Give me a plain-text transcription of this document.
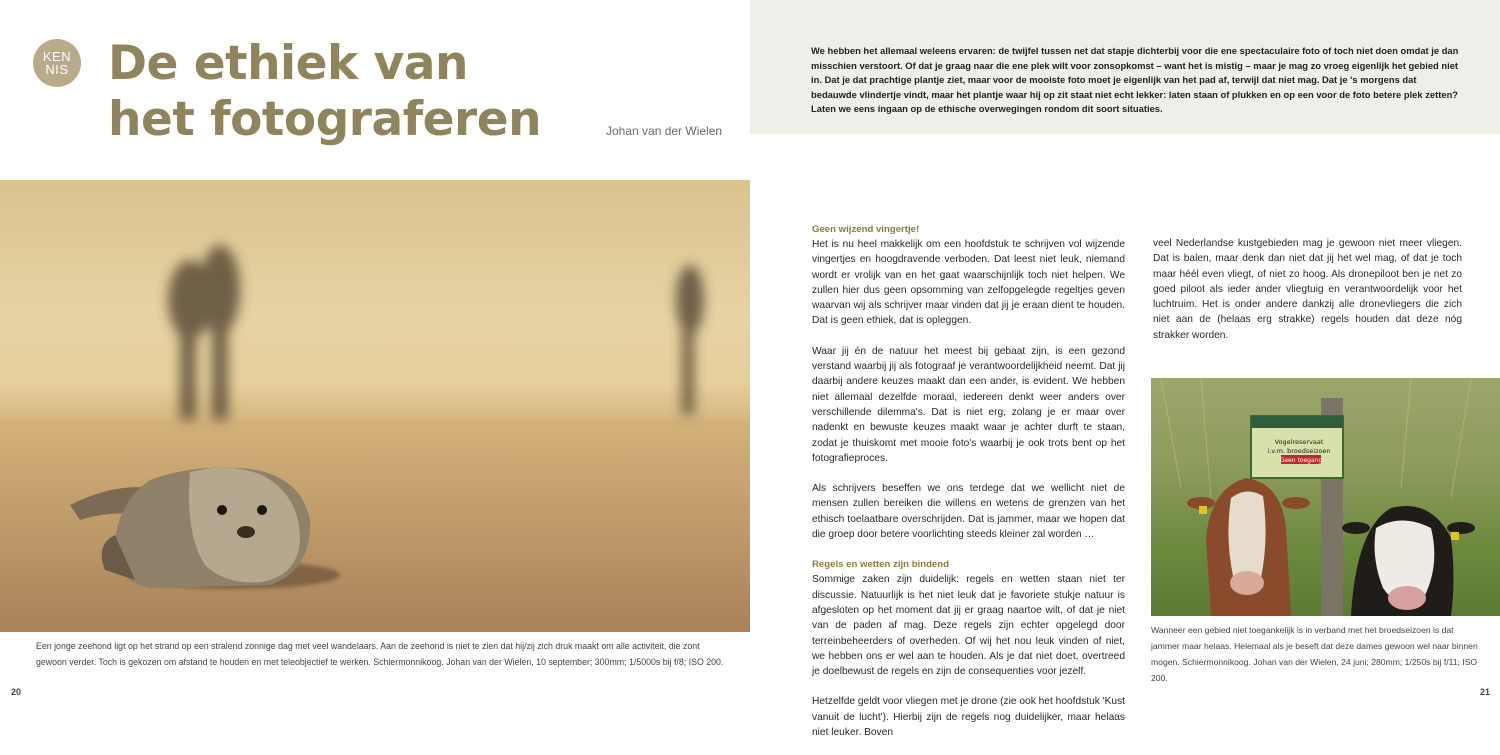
KEN
NIS De ethiek van het fotograferen	Johan van der Wielen
Een jonge zeehond ligt op het strand op een stralend zonnige dag met veel wandelaars. Aan de zeehond is niet te zien dat hij/zij zich druk maakt om alle activiteit, die zont gewoon verder. Toch is gekozen om afstand te houden en met teleobjectief te werken. Schiermonnikoog. Johan van der Wielen, 10 september; 300mm; 1/5000s bij f/8; ISO 200.
20

We hebben het allemaal weleens ervaren: de twijfel tussen net dat stapje dichterbij voor die ene spectaculaire foto of toch niet doen omdat je dan misschien verstoort. Of dat je graag naar die ene plek wilt voor zonsopkomst – want het is mistig – maar je mag zo vroeg eigenlijk het gebied niet in. Dat je dat prachtige plantje ziet, maar voor de mooiste foto moet je eigenlijk van het pad af, terwijl dat niet mag. Dat je 's morgens dat bedauwde vlindertje vindt, maar het plantje waar hij op zit staat niet echt lekker: laten staan of plukken en op een voor de foto betere plek zetten? Laten we eens ingaan op de ethische overwegingen rondom dit soort situaties.

Geen wijzend vingertje!

Het is nu heel makkelijk om een hoofdstuk te schrijven vol wijzende vingertjes en hoogdravende verboden. Dat leest niet leuk, niemand wordt er vrolijk van en het gaat waarschijnlijk toch niet helpen. We zullen hier dus geen opsomming van zelfopgelegde regeltjes geven waarvan wij als schrijver maar vinden dat jij je eraan dient te houden. Dat is geen ethiek, dat is opleggen.

Waar jij én de natuur het meest bij gebaat zijn, is een gezond verstand waarbij jij als fotograaf je verantwoordelijkheid neemt. Dat jij daarbij andere keuzes maakt dan een ander, is evident. We hebben niet allemaal dezelfde moraal, iedereen denkt weer anders over verschillende dilemma's. Dat is niet erg, zolang je er maar over nadenkt en bewuste keuzes maakt waar je achter durft te staan, zodat je thuiskomt met mooie foto's waarbij je ook trots bent op het fotografieproces.

Als schrijvers beseffen we ons terdege dat we wellicht niet de mensen zullen bereiken die willens en wetens de grenzen van het ethisch toelaatbare overschrijden. Dat is jammer, maar we hopen dat die groep door betere voorlichting steeds kleiner zal worden …

Regels en wetten zijn bindend

Sommige zaken zijn duidelijk: regels en wetten staan niet ter discussie. Natuurlijk is het niet leuk dat je favoriete stukje natuur is afgesloten op het moment dat jij er graag naartoe wilt, of dat je niet van de paden af mag. Deze regels zijn echter opgelegd door terreinbeheerders of overheden. Of wij het nou leuk vinden of niet, we hebben ons er wel aan te houden. Als je dat niet doet, overtreed je doelbewust de regels en zijn de consequenties voor jezelf.

Hetzelfde geldt voor vliegen met je drone (zie ook het hoofdstuk 'Kust vanuit de lucht'). Hierbij zijn de regels nog duidelijker, maar helaas niet leuker. Boven

veel Nederlandse kustgebieden mag je gewoon niet meer vliegen. Dat is balen, maar denk dan niet dat jij het wel mag, of dat je toch maar héél even vliegt, of niet zo hoog. Als dronepiloot ben je net zo goed piloot als ieder ander vliegtuig en verantwoordelijk voor het luchtruim. Het is onder andere dankzij alle dronevliegers die zich niet aan de (helaas erg strakke) regels houden dat deze nóg strakker worden.

Vogelreservaat
i.v.m. broedseizoen
Geen toegang
Wanneer een gebied niet toegankelijk is in verband met het broedseizoen is dat jammer maar helaas. Helemaal als je beseft dat deze dames gewoon wel naar binnen mogen. Schiermonnikoog. Johan van der Wielen, 24 juni; 280mm; 1/250s bij f/11; ISO 200.
21
